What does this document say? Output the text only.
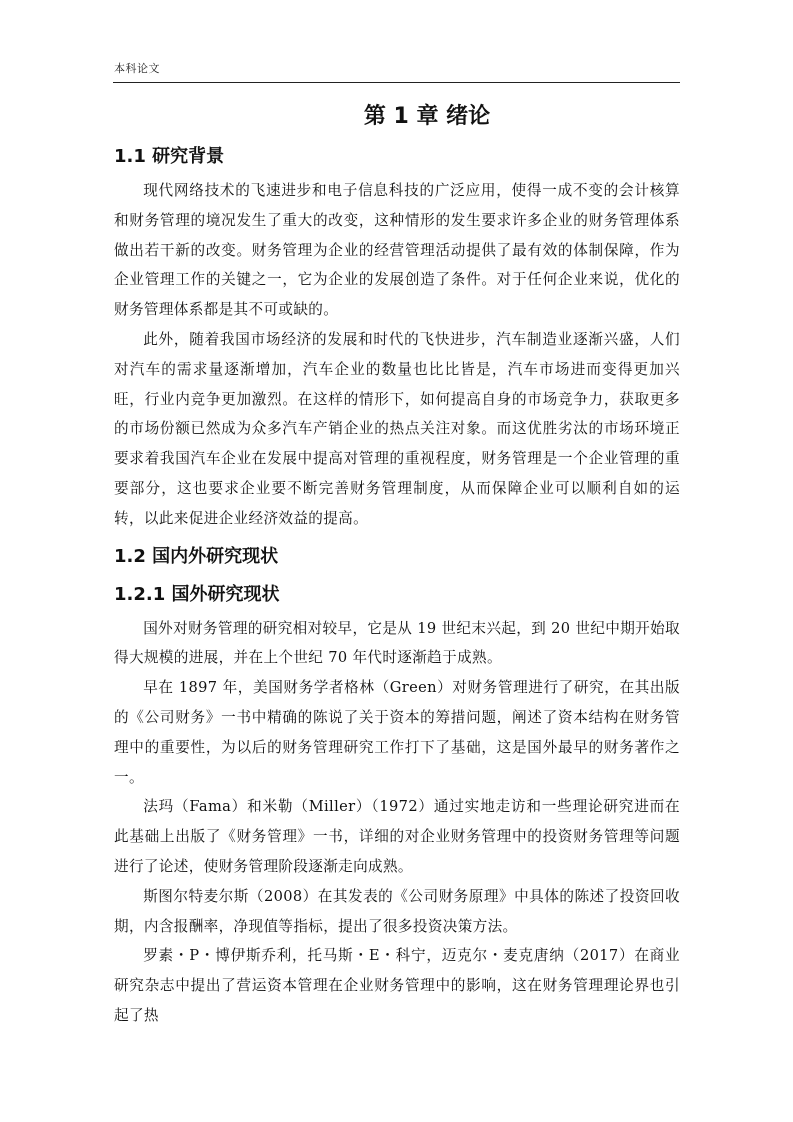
本科论文
第 1 章 绪论
1.1 研究背景

现代网络技术的飞速进步和电子信息科技的广泛应用，使得一成不变的会计核算和财务管理的境况发生了重大的改变，这种情形的发生要求许多企业的财务管理体系做出若干新的改变。财务管理为企业的经营管理活动提供了最有效的体制保障，作为企业管理工作的关键之一，它为企业的发展创造了条件。对于任何企业来说，优化的财务管理体系都是其不可或缺的。

此外，随着我国市场经济的发展和时代的飞快进步，汽车制造业逐渐兴盛，人们对汽车的需求量逐渐增加，汽车企业的数量也比比皆是，汽车市场进而变得更加兴旺，行业内竞争更加激烈。在这样的情形下，如何提高自身的市场竞争力，获取更多的市场份额已然成为众多汽车产销企业的热点关注对象。而这优胜劣汰的市场环境正要求着我国汽车企业在发展中提高对管理的重视程度，财务管理是一个企业管理的重要部分，这也要求企业要不断完善财务管理制度，从而保障企业可以顺利自如的运转，以此来促进企业经济效益的提高。

1.2 国内外研究现状
1.2.1 国外研究现状

国外对财务管理的研究相对较早，它是从 19 世纪末兴起，到 20 世纪中期开始取得大规模的进展，并在上个世纪 70 年代时逐渐趋于成熟。

早在 1897 年，美国财务学者格林（Green）对财务管理进行了研究，在其出版的《公司财务》一书中精确的陈说了关于资本的筹措问题，阐述了资本结构在财务管理中的重要性，为以后的财务管理研究工作打下了基础，这是国外最早的财务著作之一。

法玛（Fama）和米勒（Miller）（1972）通过实地走访和一些理论研究进而在此基础上出版了《财务管理》一书，详细的对企业财务管理中的投资财务管理等问题进行了论述，使财务管理阶段逐渐走向成熟。

斯图尔特麦尔斯（2008）在其发表的《公司财务原理》中具体的陈述了投资回收期，内含报酬率，净现值等指标，提出了很多投资决策方法。

罗素・P・博伊斯乔利，托马斯・E・科宁，迈克尔・麦克唐纳（2017）在商业研究杂志中提出了营运资本管理在企业财务管理中的影响，这在财务管理理论界也引起了热
